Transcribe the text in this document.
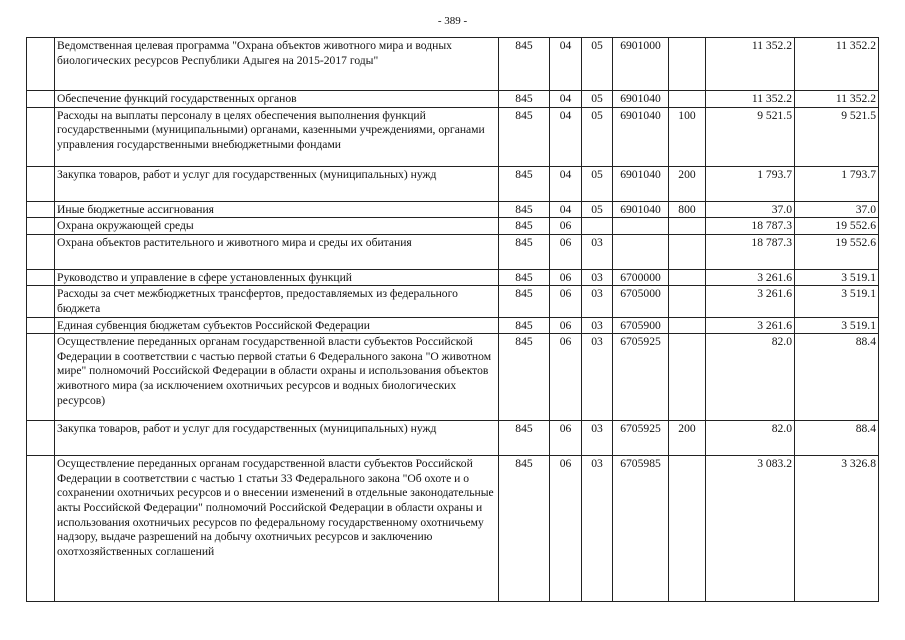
- 389 -
	Ведомственная целевая программа "Охрана объектов животного мира и водных биологических ресурсов Республики Адыгея на 2015-2017 годы"	845	04	05	6901000		11 352.2	11 352.2
	Обеспечение функций государственных органов	845	04	05	6901040		11 352.2	11 352.2
	Расходы на выплаты персоналу в целях обеспечения выполнения функций государственными (муниципальными) органами, казенными учреждениями, органами управления государственными внебюджетными фондами	845	04	05	6901040	100	9 521.5	9 521.5
	Закупка товаров, работ и услуг для государственных (муниципальных) нужд	845	04	05	6901040	200	1 793.7	1 793.7
	Иные бюджетные ассигнования	845	04	05	6901040	800	37.0	37.0
	Охрана окружающей среды	845	06				18 787.3	19 552.6
	Охрана объектов растительного и животного мира и среды их обитания	845	06	03			18 787.3	19 552.6
	Руководство и управление в сфере установленных функций	845	06	03	6700000		3 261.6	3 519.1
	Расходы за счет межбюджетных трансфертов, предоставляемых из федерального бюджета	845	06	03	6705000		3 261.6	3 519.1
	Единая субвенция бюджетам субъектов Российской Федерации	845	06	03	6705900		3 261.6	3 519.1
	Осуществление переданных органам государственной власти субъектов Российской Федерации в соответствии с частью первой статьи 6 Федерального закона "О животном мире" полномочий Российской Федерации в области охраны и использования объектов животного мира (за исключением охотничьих ресурсов и водных биологических ресурсов)	845	06	03	6705925		82.0	88.4
	Закупка товаров, работ и услуг для государственных (муниципальных) нужд	845	06	03	6705925	200	82.0	88.4
	Осуществление переданных органам государственной власти субъектов Российской Федерации в соответствии с частью 1 статьи 33 Федерального закона "Об охоте и о сохранении охотничьих ресурсов и о внесении изменений в отдельные законодательные акты Российской Федерации" полномочий Российской Федерации в области охраны и использования охотничьих ресурсов по федеральному государственному охотничьему надзору, выдаче разрешений на добычу охотничьих ресурсов и заключению охотхозяйственных соглашений	845	06	03	6705985		3 083.2	3 326.8
